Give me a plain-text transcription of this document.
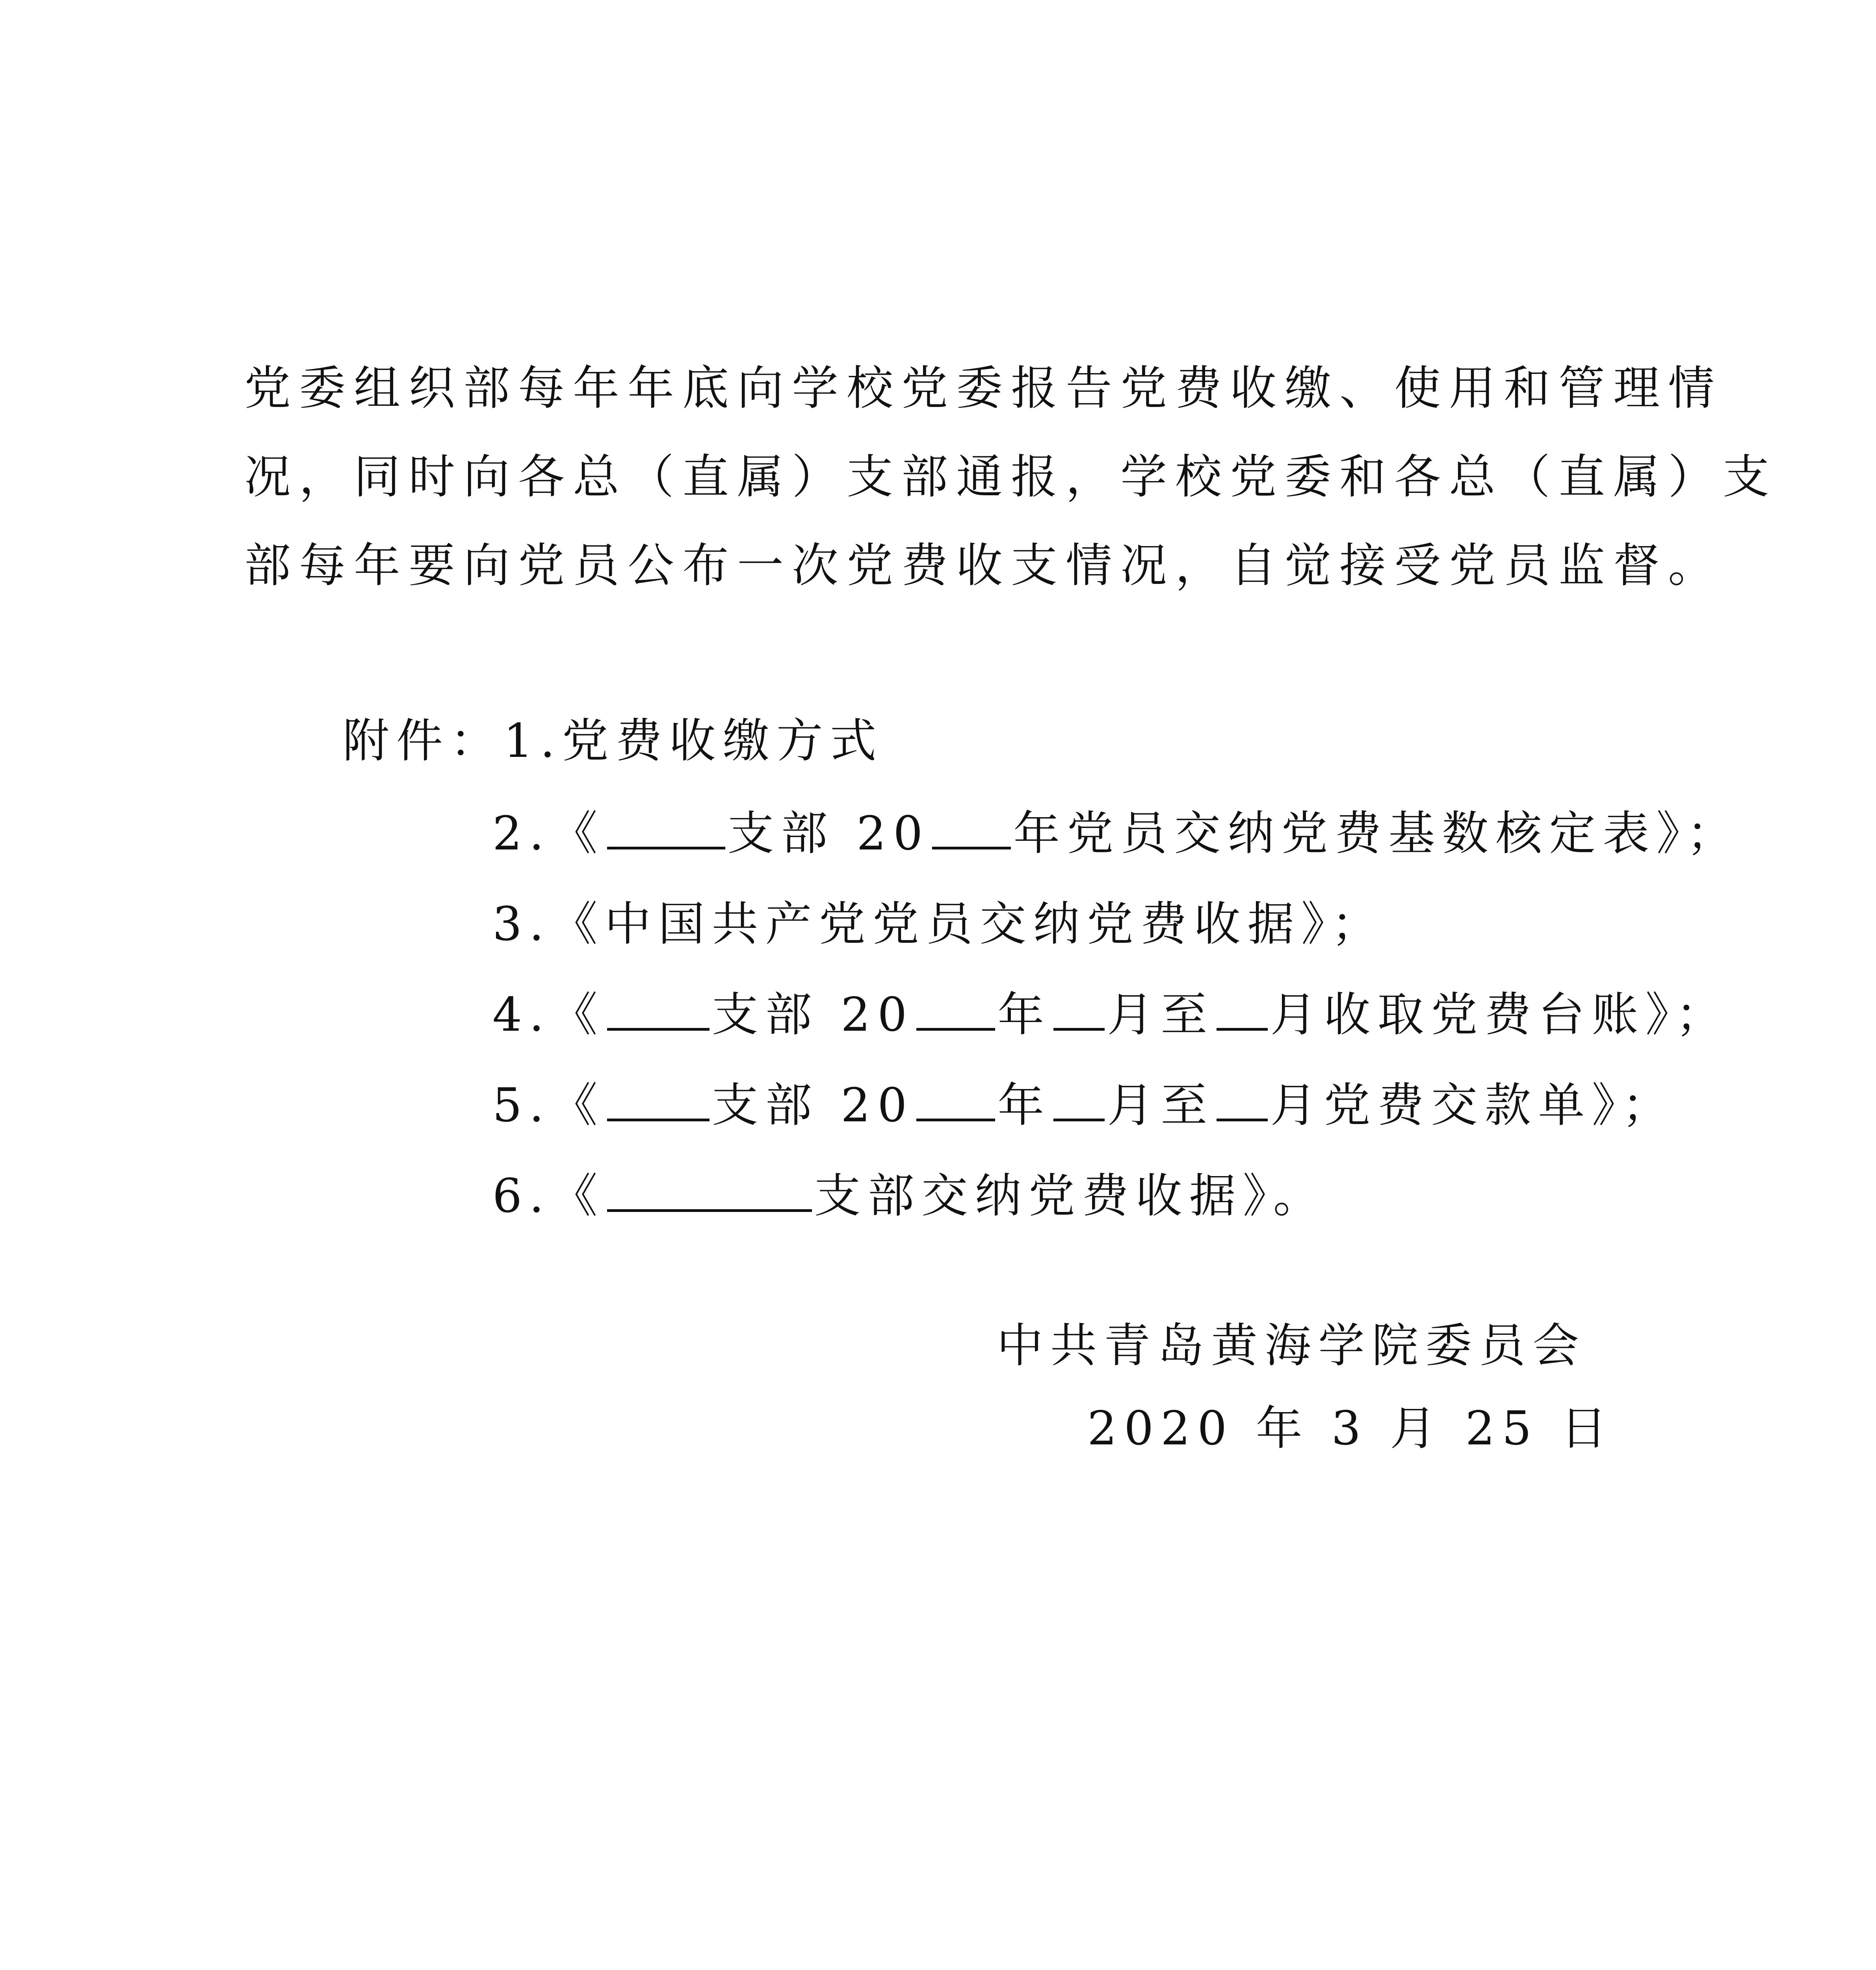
党委组织部每年年底向学校党委报告党费收缴、使用和管理情
况，同时向各总（直属）支部通报，学校党委和各总（直属）支
部每年要向党员公布一次党费收支情况，自觉接受党员监督。
附件：1.党费收缴方式
2.《	支部 20 年党员交纳党费基数核定表》；
3.《中国共产党党员交纳党费收据》；
4.《 支部 20 年 月至 月收取党费台账》；
5.《 支部 20 年 月至 月党费交款单》；
6.《	支部交纳党费收据》。
中共青岛黄海学院委员会
2020 年 3 月 25 日
